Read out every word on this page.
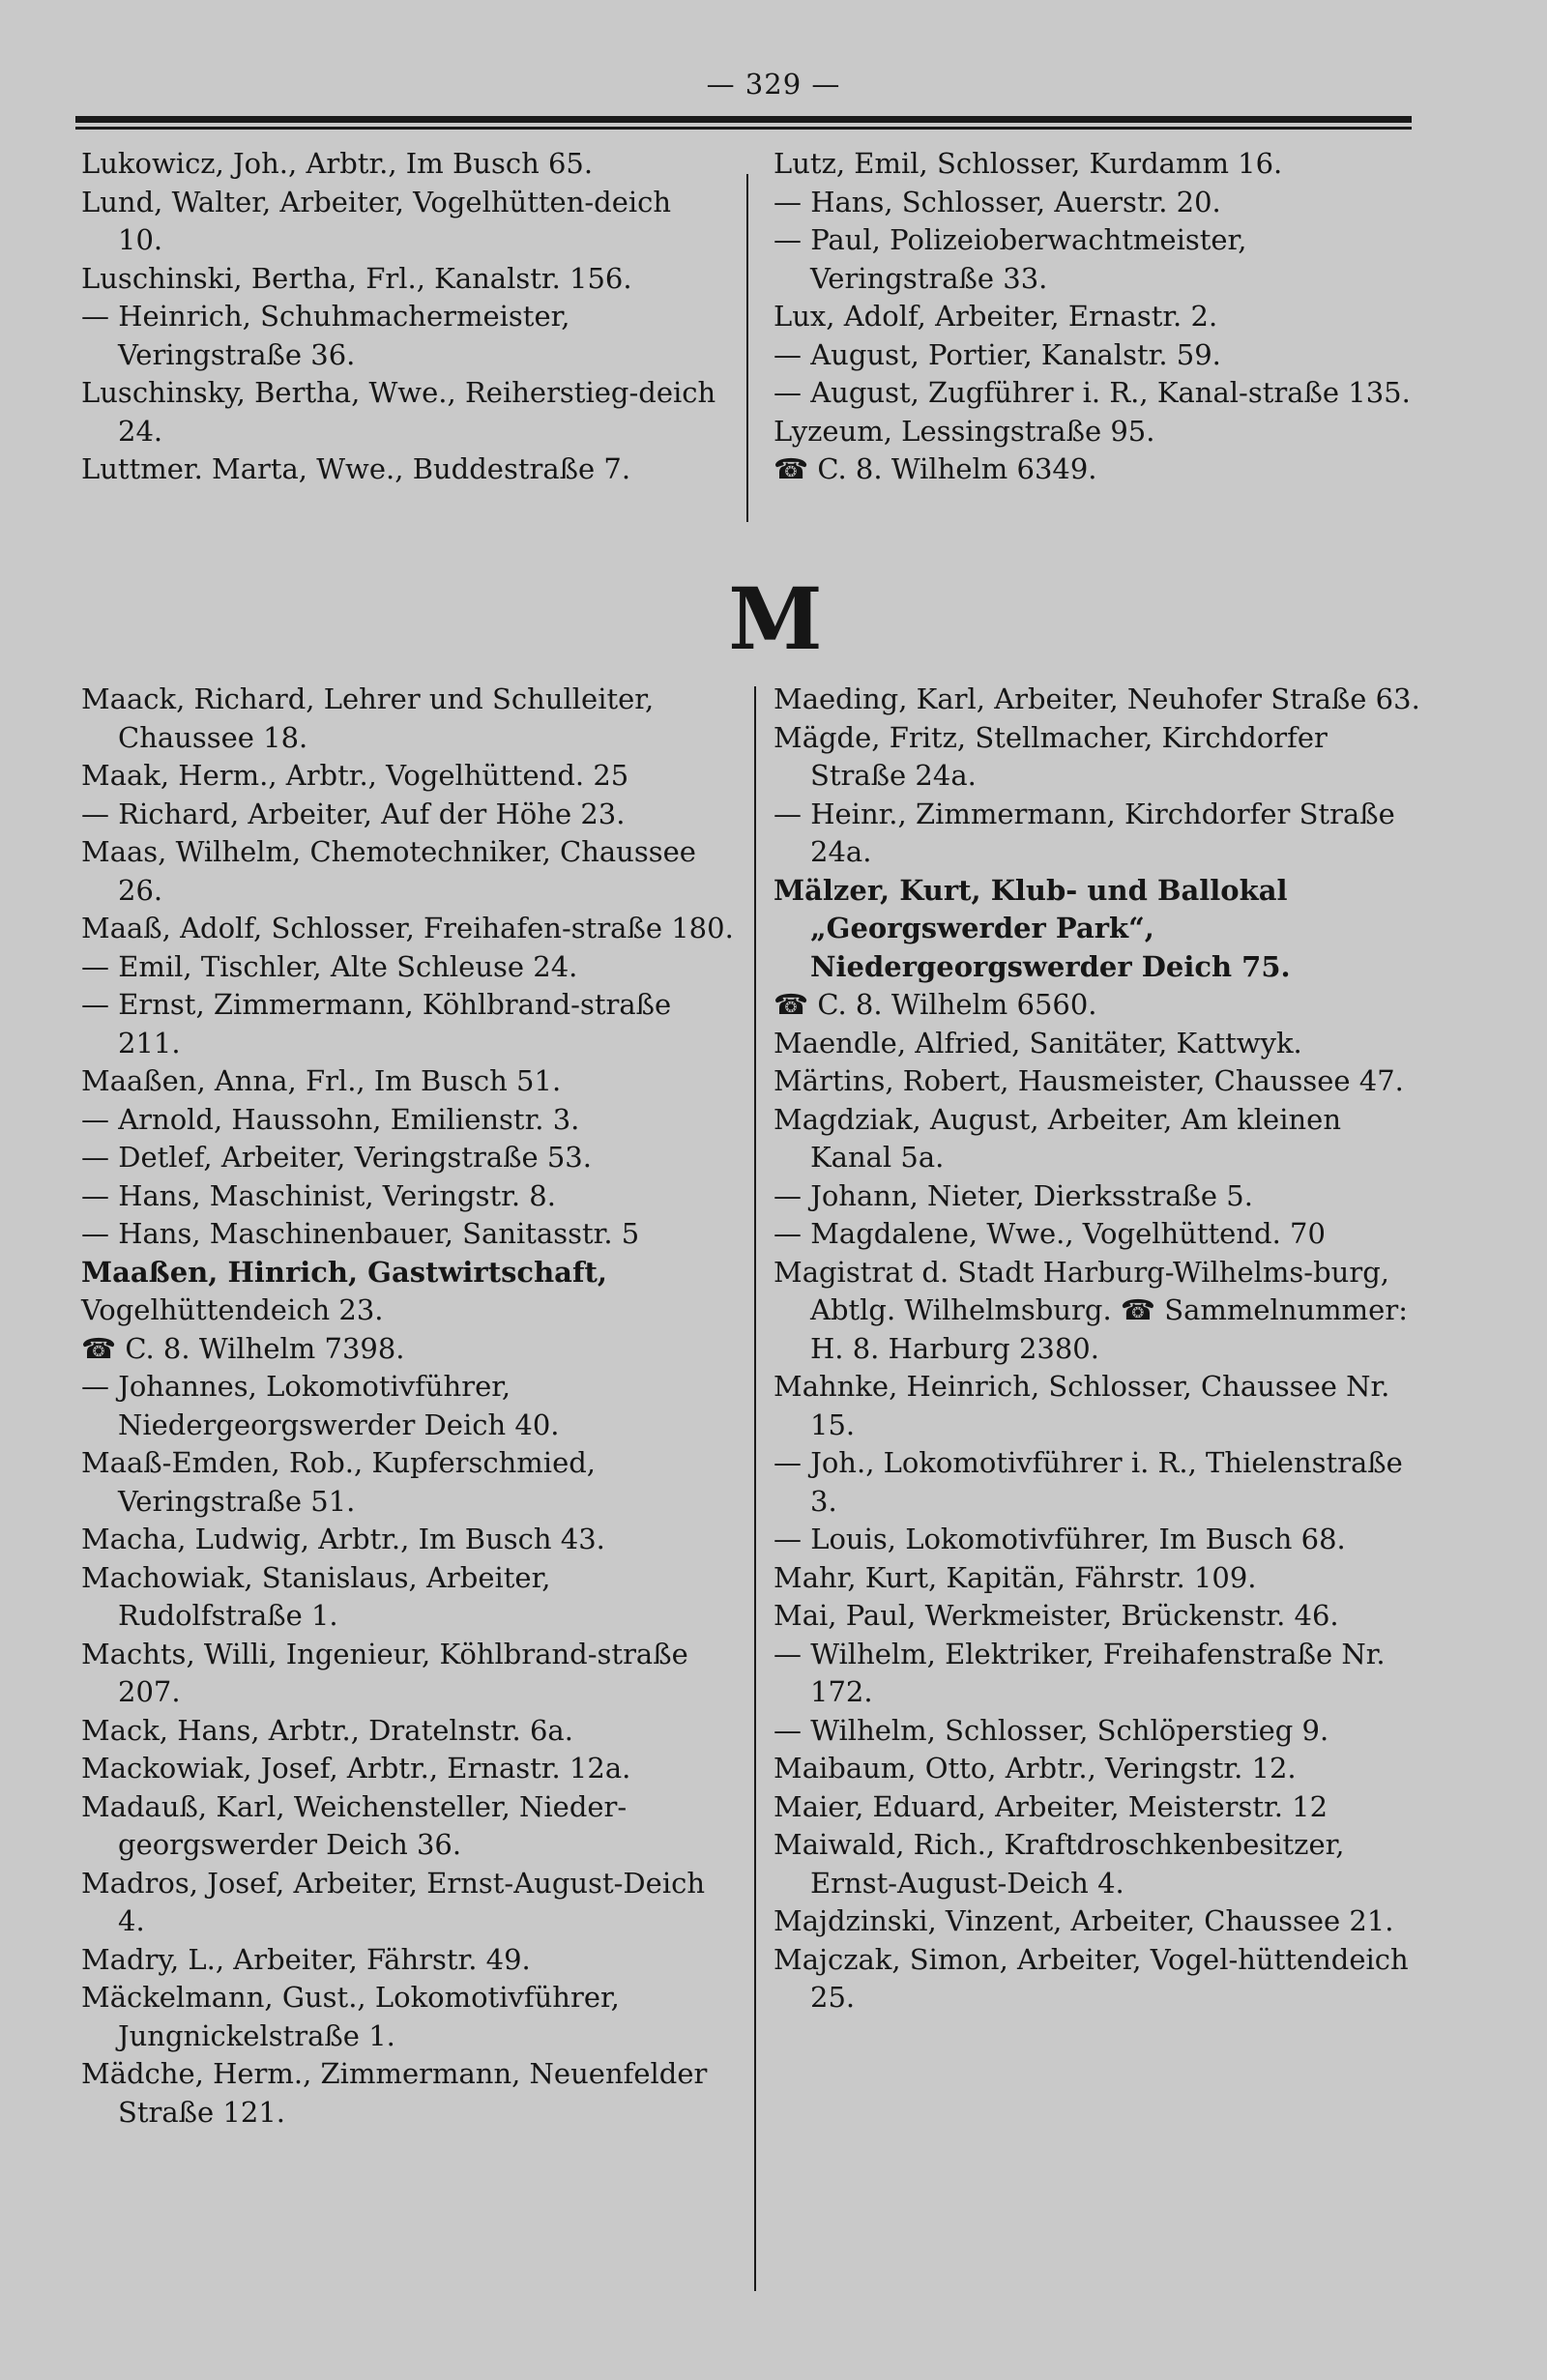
— 329 —

Lukowicz, Joh., Arbtr., Im Busch 65.

Lund, Walter, Arbeiter, Vogelhütten-deich 10.

Luschinski, Bertha, Frl., Kanalstr. 156.

— Heinrich, Schuhmachermeister, Veringstraße 36.

Luschinsky, Bertha, Wwe., Reiherstieg-deich 24.

Luttmer. Marta, Wwe., Buddestraße 7.

Lutz, Emil, Schlosser, Kurdamm 16.

— Hans, Schlosser, Auerstr. 20.

— Paul, Polizeioberwachtmeister, Veringstraße 33.

Lux, Adolf, Arbeiter, Ernastr. 2.

— August, Portier, Kanalstr. 59.

— August, Zugführer i. R., Kanal-straße 135.

Lyzeum, Lessingstraße 95.

☎ C. 8. Wilhelm 6349.

M

Maack, Richard, Lehrer und Schulleiter, Chaussee 18.

Maak, Herm., Arbtr., Vogelhüttend. 25

— Richard, Arbeiter, Auf der Höhe 23.

Maas, Wilhelm, Chemotechniker, Chaussee 26.

Maaß, Adolf, Schlosser, Freihafen-straße 180.

— Emil, Tischler, Alte Schleuse 24.

— Ernst, Zimmermann, Köhlbrand-straße 211.

Maaßen, Anna, Frl., Im Busch 51.

— Arnold, Haussohn, Emilienstr. 3.

— Detlef, Arbeiter, Veringstraße 53.

— Hans, Maschinist, Veringstr. 8.

— Hans, Maschinenbauer, Sanitasstr. 5

Maaßen, Hinrich, Gastwirtschaft,

Vogelhüttendeich 23.

☎ C. 8. Wilhelm 7398.

— Johannes, Lokomotivführer, Niedergeorgswerder Deich 40.

Maaß-Emden, Rob., Kupferschmied, Veringstraße 51.

Macha, Ludwig, Arbtr., Im Busch 43.

Machowiak, Stanislaus, Arbeiter, Rudolfstraße 1.

Machts, Willi, Ingenieur, Köhlbrand-straße 207.

Mack, Hans, Arbtr., Dratelnstr. 6a.

Mackowiak, Josef, Arbtr., Ernastr. 12a.

Madauß, Karl, Weichensteller, Nieder-georgswerder Deich 36.

Madros, Josef, Arbeiter, Ernst-August-Deich 4.

Madry, L., Arbeiter, Fährstr. 49.

Mäckelmann, Gust., Lokomotivführer, Jungnickelstraße 1.

Mädche, Herm., Zimmermann, Neuenfelder Straße 121.

Maeding, Karl, Arbeiter, Neuhofer Straße 63.

Mägde, Fritz, Stellmacher, Kirchdorfer Straße 24a.

— Heinr., Zimmermann, Kirchdorfer Straße 24a.

Mälzer, Kurt, Klub- und Ballokal „Georgswerder Park“, Niedergeorgswerder Deich 75.

☎ C. 8. Wilhelm 6560.

Maendle, Alfried, Sanitäter, Kattwyk.

Märtins, Robert, Hausmeister, Chaussee 47.

Magdziak, August, Arbeiter, Am kleinen Kanal 5a.

— Johann, Nieter, Dierksstraße 5.

— Magdalene, Wwe., Vogelhüttend. 70

Magistrat d. Stadt Harburg-Wilhelms-burg, Abtlg. Wilhelmsburg. ☎ Sammelnummer: H. 8. Harburg 2380.

Mahnke, Heinrich, Schlosser, Chaussee Nr. 15.

— Joh., Lokomotivführer i. R., Thielenstraße 3.

— Louis, Lokomotivführer, Im Busch 68.

Mahr, Kurt, Kapitän, Fährstr. 109.

Mai, Paul, Werkmeister, Brückenstr. 46.

— Wilhelm, Elektriker, Freihafenstraße Nr. 172.

— Wilhelm, Schlosser, Schlöperstieg 9.

Maibaum, Otto, Arbtr., Veringstr. 12.

Maier, Eduard, Arbeiter, Meisterstr. 12

Maiwald, Rich., Kraftdroschkenbesitzer, Ernst-August-Deich 4.

Majdzinski, Vinzent, Arbeiter, Chaussee 21.

Majczak, Simon, Arbeiter, Vogel-hüttendeich 25.
